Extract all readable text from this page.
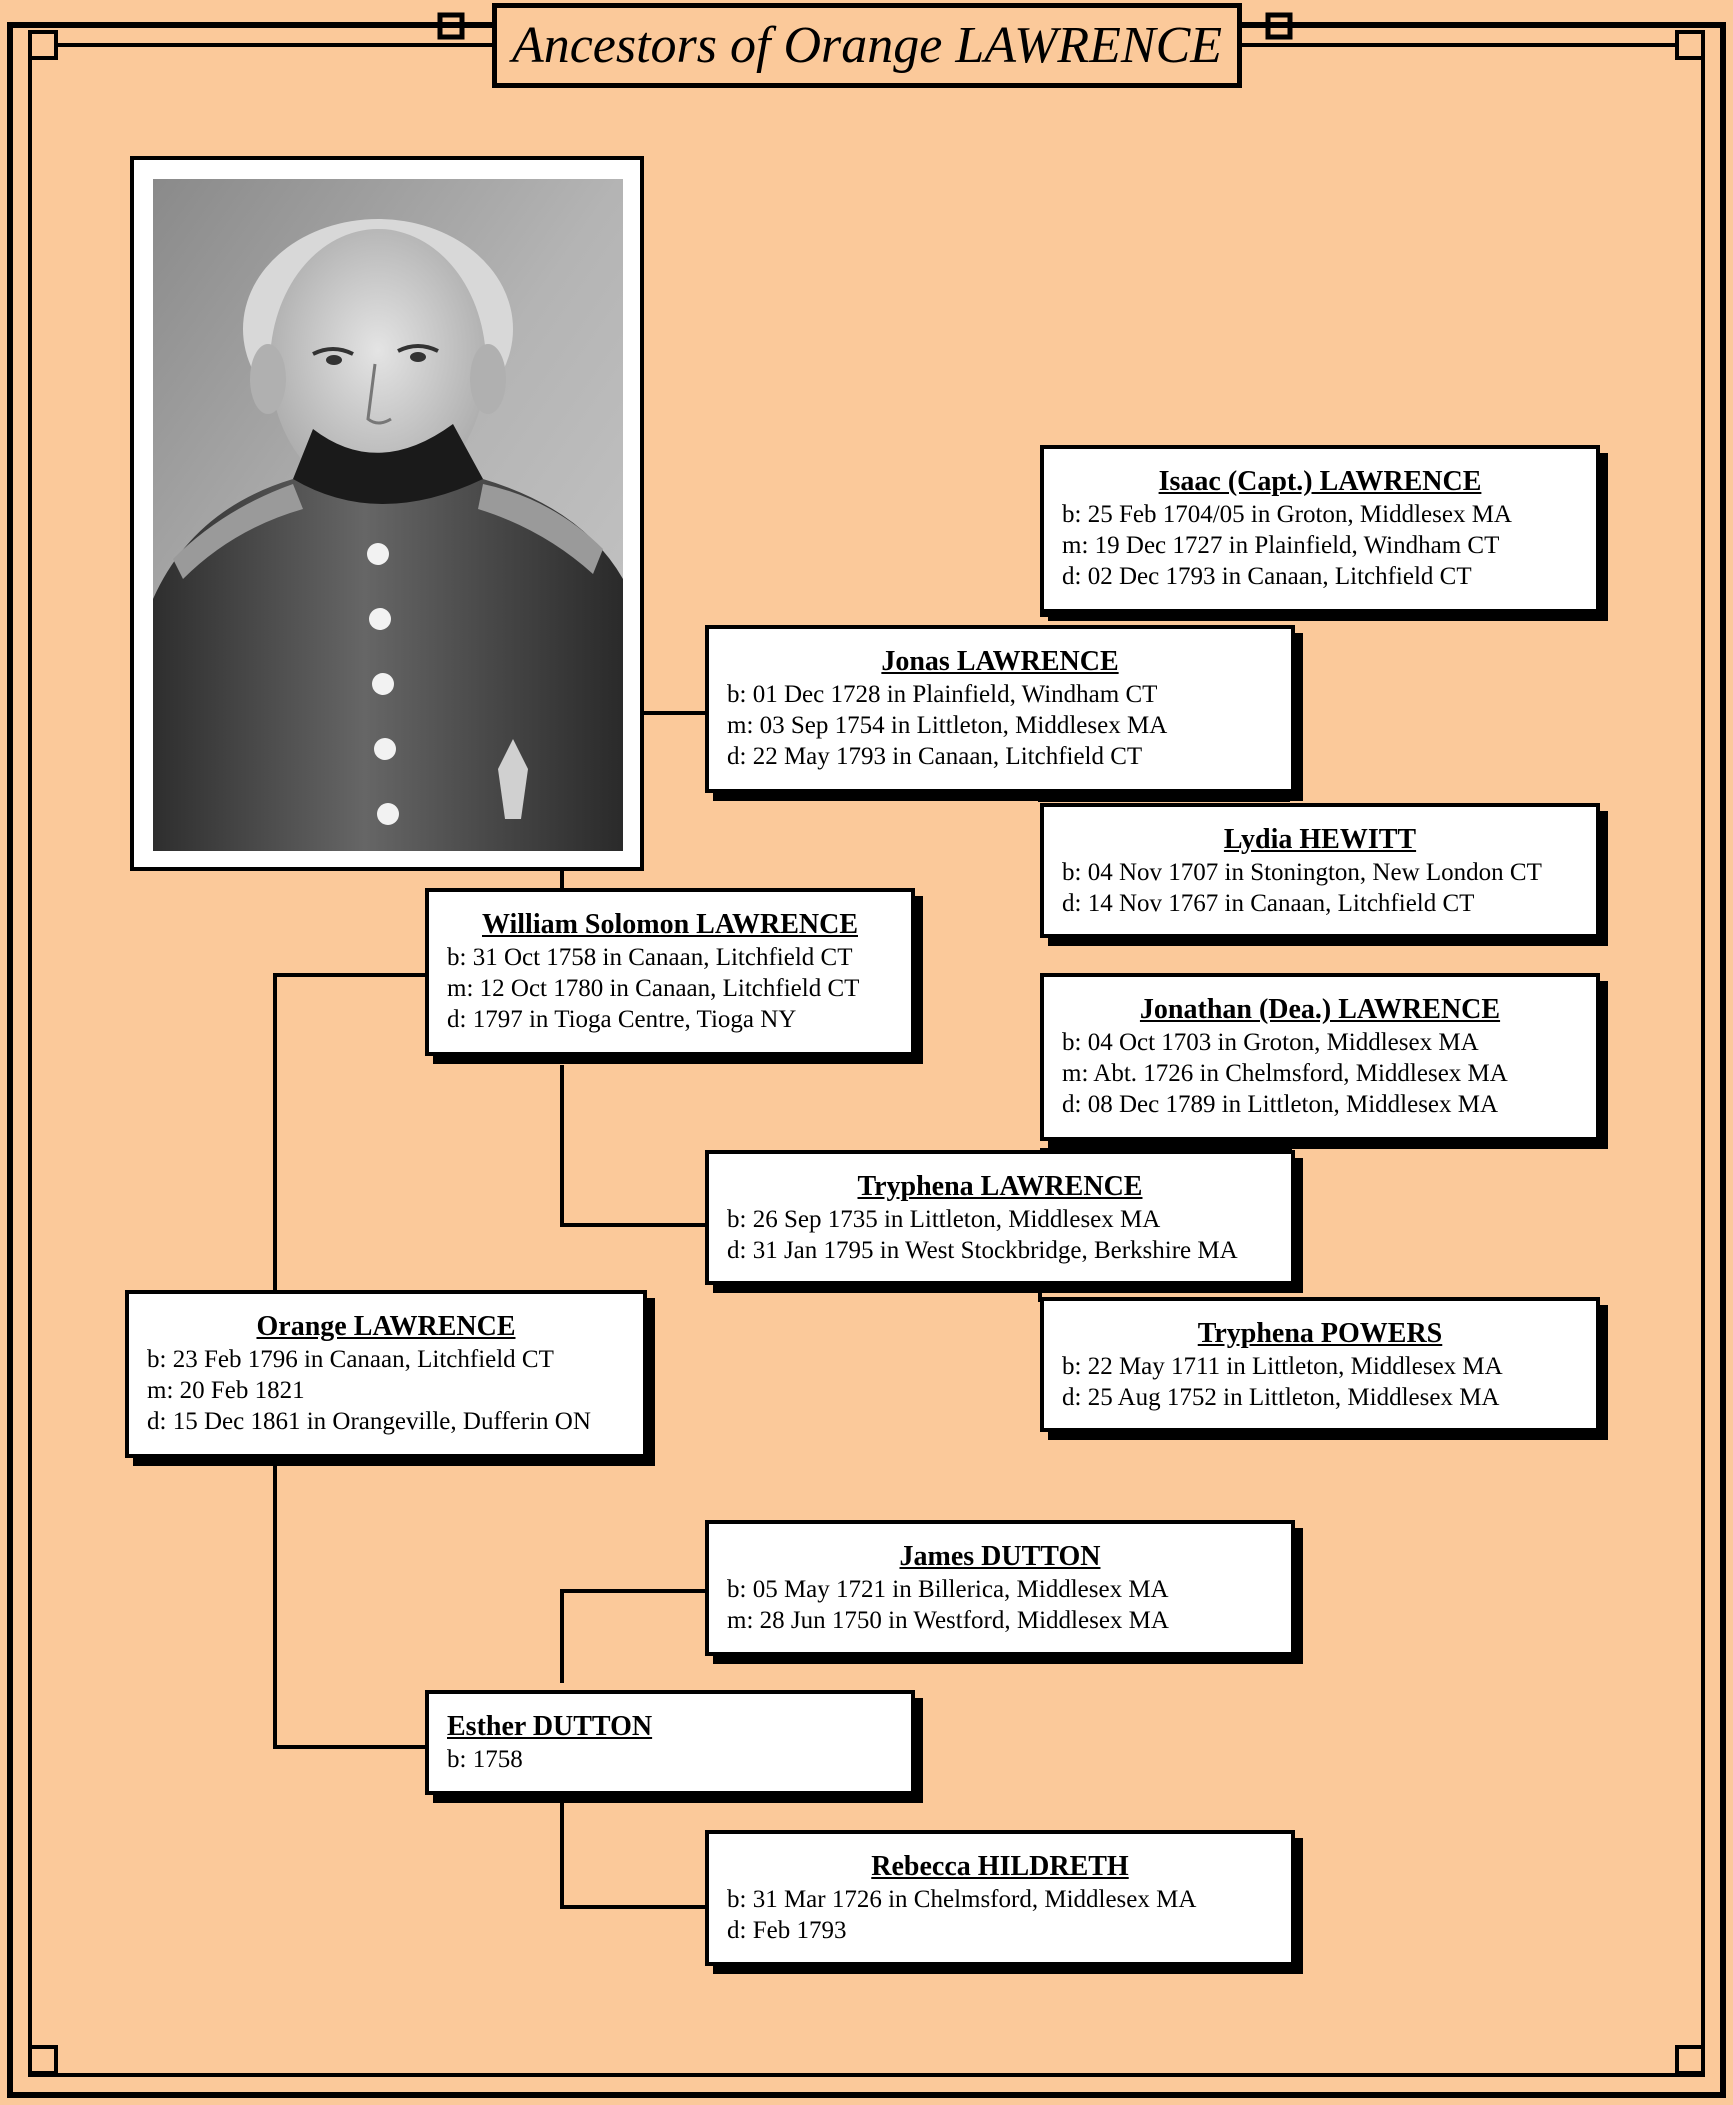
Ancestors of Orange LAWRENCE
Isaac (Capt.) LAWRENCE
b: 25 Feb 1704/05 in Groton, Middlesex MA
m: 19 Dec 1727 in Plainfield, Windham CT
d: 02 Dec 1793 in Canaan, Litchfield CT
Jonas LAWRENCE
b: 01 Dec 1728 in Plainfield, Windham CT
m: 03 Sep 1754 in Littleton, Middlesex MA
d: 22 May 1793 in Canaan, Litchfield CT
Lydia HEWITT
b: 04 Nov 1707 in Stonington, New London CT
d: 14 Nov 1767 in Canaan, Litchfield CT
William Solomon LAWRENCE
b: 31 Oct 1758 in Canaan, Litchfield CT
m: 12 Oct 1780 in Canaan, Litchfield CT
d: 1797 in Tioga Centre, Tioga NY	Jonathan (Dea.) LAWRENCE
b: 04 Oct 1703 in Groton, Middlesex MA
m: Abt. 1726 in Chelmsford, Middlesex MA
d: 08 Dec 1789 in Littleton, Middlesex MA
Tryphena LAWRENCE
b: 26 Sep 1735 in Littleton, Middlesex MA
d: 31 Jan 1795 in West Stockbridge, Berkshire MA
Tryphena POWERS
b: 22 May 1711 in Littleton, Middlesex MA
d: 25 Aug 1752 in Littleton, Middlesex MA
Orange LAWRENCE
b: 23 Feb 1796 in Canaan, Litchfield CT
m: 20 Feb 1821
d: 15 Dec 1861 in Orangeville, Dufferin ON
James DUTTON
b: 05 May 1721 in Billerica, Middlesex MA
m: 28 Jun 1750 in Westford, Middlesex MA
Esther DUTTON
b: 1758
Rebecca HILDRETH
b: 31 Mar 1726 in Chelmsford, Middlesex MA
d: Feb 1793
